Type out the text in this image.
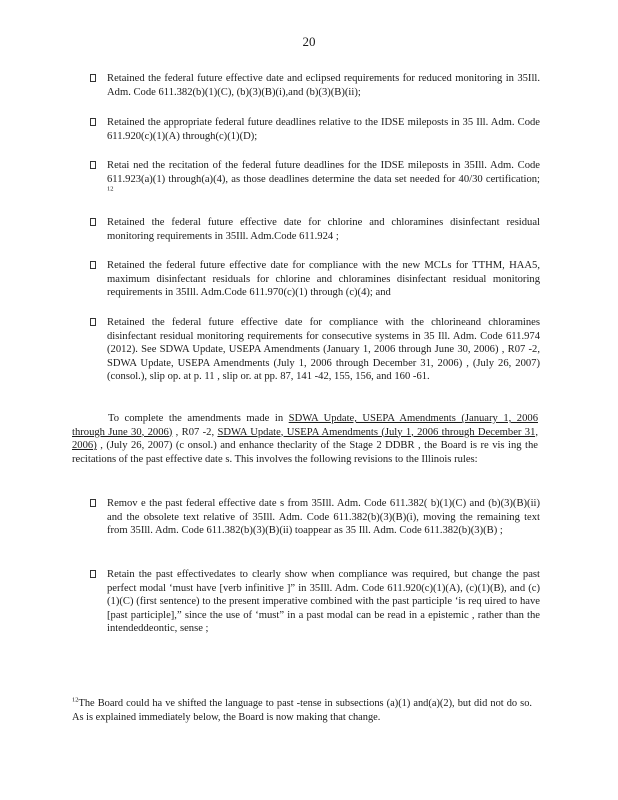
20
Retained the federal future effective date and eclipsed requirements for reduced monitoring in 35Ill. Adm. Code 611.382(b)(1)(C), (b)(3)(B)(i),and (b)(3)(B)(ii);
Retained the appropriate federal future deadlines relative to the IDSE mileposts in 35 Ill. Adm. Code 611.920(c)(1)(A) through(c)(1)(D);
Retai ned the recitation of the federal future deadlines for the IDSE mileposts in 35Ill. Adm. Code 611.923(a)(1) through(a)(4), as those deadlines determine the data set needed for 40/30 certification; $^{12}$
Retained the federal future effective date for chlorine and chloramines disinfectant residual monitoring requirements in 35Ill. Adm.Code 611.924 ;
Retained the federal future effective date for compliance with the new MCLs for TTHM, HAA5, maximum disinfectant residuals for chlorine and chloramines disinfectant residual monitoring requirements in 35Ill. Adm.Code 611.970(c)(1) through (c)(4); and
Retained the federal future effective date for compliance with the chlorineand chloramines disinfectant residual monitoring requirements for consecutive systems in 35 Ill. Adm. Code 611.974 (2012). See SDWA Update, USEPA Amendments (January 1, 2006 through June 30, 2006) , R07 -2, SDWA Update, USEPA Amendments (July 1, 2006 through December 31, 2006) , (July 26, 2007) (consol.), slip op. at p. 11 , slip or. at pp. 87, 141 -42, 155, 156, and 160 -61.
To complete the amendments made in SDWA Update, USEPA Amendments (January 1, 2006 through June 30, 2006) , R07 -2, SDWA Update, USEPA Amendments (July 1, 2006 through December 31, 2006) , (July 26, 2007) (c onsol.) and enhance theclarity of the Stage 2 DDBR , the Board is re vis ing the recitations of the past effective date s. This involves the following revisions to the Illinois rules:
Remov e the past federal effective date s from 35Ill. Adm. Code 611.382( b)(1)(C) and (b)(3)(B)(ii) and the obsolete text relative of 35Ill. Adm. Code 611.382(b)(3)(B)(i), moving the remaining text from 35Ill. Adm. Code 611.382(b)(3)(B)(ii) toappear as 35 Ill. Adm. Code 611.382(b)(3)(B) ;
Retain the past effectivedates to clearly show when compliance was required, but change the past perfect modal ‘must have [verb infinitive ]” in 35Ill. Adm. Code 611.920(c)(1)(A), (c)(1)(B), and (c)(1)(C) (first sentence) to the present imperative combined with the past participle ‘is req uired to have [past participle],” since the use of ‘must” in a past modal can be read in a epistemic , rather than the intendeddeontic, sense ;
$^{12}$The Board could ha ve shifted the language to past -tense in subsections (a)(1) and(a)(2), but did not do so. As is explained immediately below, the Board is now making that change.
